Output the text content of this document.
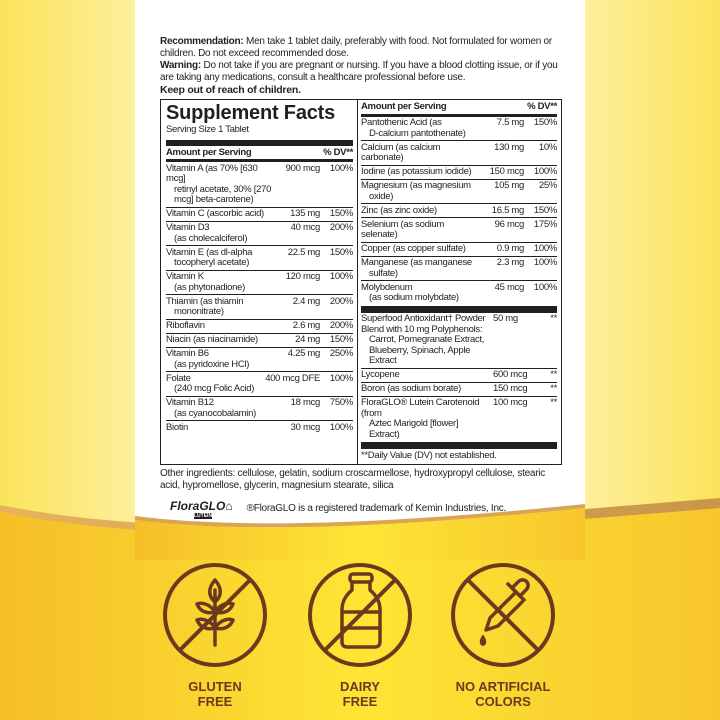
Recommendation: Men take 1 tablet daily, preferably with food. Not formulated for women or children. Do not exceed recommended dose.
Warning: Do not take if you are pregnant or nursing. If you have a blood clotting issue, or if you are taking any medications, consult a healthcare professional before use.
Keep out of reach of children.
Supplement Facts
Serving Size 1 Tablet
Amount per Serving	% DV**
Vitamin A (as 70% [630 mcg]
retinyl acetate, 30% [270 mcg] beta-carotene)
900 mcg	100%
Vitamin C (ascorbic acid)	135 mg	150%
Vitamin D3
(as cholecalciferol)
40 mcg	200%
Vitamin E (as dl-alpha
tocopheryl acetate)
22.5 mg	150%
Vitamin K
(as phytonadione)
120 mcg	100%
Thiamin (as thiamin
mononitrate)
2.4 mg	200%
Riboflavin	2.6 mg	200%
Niacin (as niacinamide)	24 mg	150%
Vitamin B6
(as pyridoxine HCl)
4.25 mg	250%
Folate
(240 mcg Folic Acid)
400 mcg DFE	100%
Vitamin B12
(as cyanocobalamin)
18 mcg	750%
Biotin	30 mcg	100%
Amount per Serving	% DV**
Pantothenic Acid (as
D-calcium pantothenate)
7.5 mg	150%
Calcium (as calcium carbonate)
130 mg	10%
Iodine (as potassium iodide)	150 mcg	100%
Magnesium (as magnesium
oxide)
105 mg	25%
Zinc (as zinc oxide)	16.5 mg	150%
Selenium (as sodium selenate)
96 mcg	175%
Copper (as copper sulfate)	0.9 mg	100%
Manganese (as manganese
sulfate)
2.3 mg	100%
Molybdenum
(as sodium molybdate)
45 mcg	100%
Superfood Antioxidant† Powder Blend with 10 mg Polyphenols:
Carrot, Pomegranate Extract, Blueberry, Spinach, Apple Extract
50 mg	**
Lycopene	600 mcg	**
Boron (as sodium borate)	150 mcg	**
FloraGLO® Lutein Carotenoid (from
Aztec Marigold [flower] Extract)
100 mcg	**
**Daily Value (DV) not established.
Other ingredients: cellulose, gelatin, sodium croscarmellose, hydroxypropyl cellulose, stearic acid, hypromellose, glycerin, magnesium stearate, silica
FloraGLO⌂
LUTEIN
®FloraGLO is a registered trademark of Kemin Industries, Inc.
GLUTEN
FREE
DAIRY
FREE
NO ARTIFICIAL
COLORS
